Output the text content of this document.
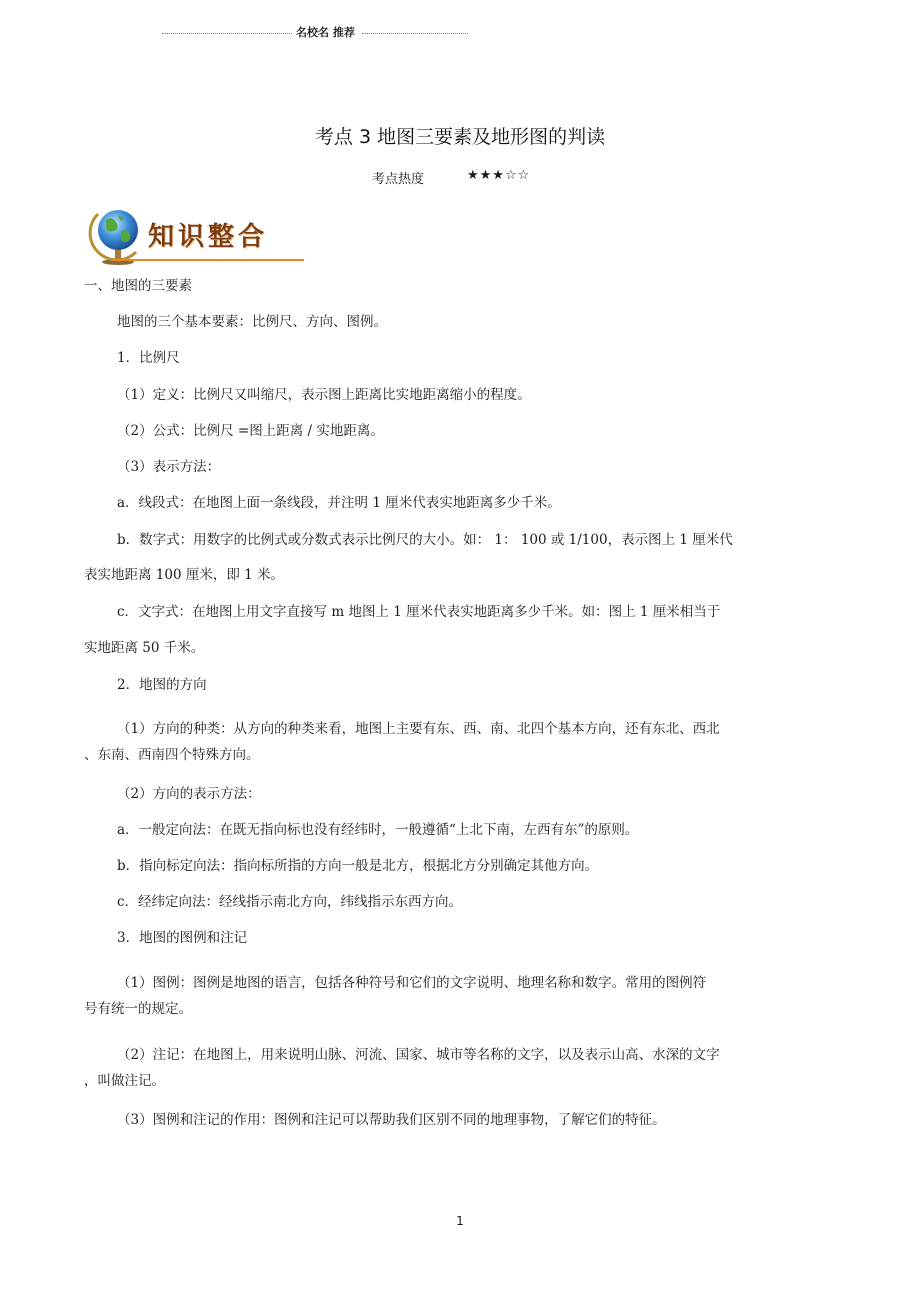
名校名 推荐
考点 3 地图三要素及地形图的判读
考点热度	★★★☆☆
知识整合
一、地图的三要素
地图的三个基本要素：比例尺、方向、图例。
1．比例尺
（1）定义：比例尺又叫缩尺，表示图上距离比实地距离缩小的程度。
（2）公式：比例尺 =图上距离 / 实地距离。
（3）表示方法：
a．线段式：在地图上面一条线段，并注明 1 厘米代表实地距离多少千米。
b．数字式：用数字的比例式或分数式表示比例尺的大小。如： 1： 100 或 1/100，表示图上 1 厘米代
表实地距离 100 厘米，即 1 米。
c．文字式：在地图上用文字直接写 m 地图上 1 厘米代表实地距离多少千米。如：图上 1 厘米相当于
实地距离 50 千米。
2．地图的方向
（1）方向的种类：从方向的种类来看，地图上主要有东、西、南、北四个基本方向，还有东北、西北
、东南、西南四个特殊方向。
（2）方向的表示方法：
a．一般定向法：在既无指向标也没有经纬时，一般遵循“上北下南，左西有东”的原则。
b．指向标定向法：指向标所指的方向一般是北方，根据北方分别确定其他方向。
c．经纬定向法：经线指示南北方向，纬线指示东西方向。
3．地图的图例和注记
（1）图例：图例是地图的语言，包括各种符号和它们的文字说明、地理名称和数字。常用的图例符
号有统一的规定。
（2）注记：在地图上，用来说明山脉、河流、国家、城市等名称的文字，以及表示山高、水深的文字
，叫做注记。
（3）图例和注记的作用：图例和注记可以帮助我们区别不同的地理事物，了解它们的特征。
1
